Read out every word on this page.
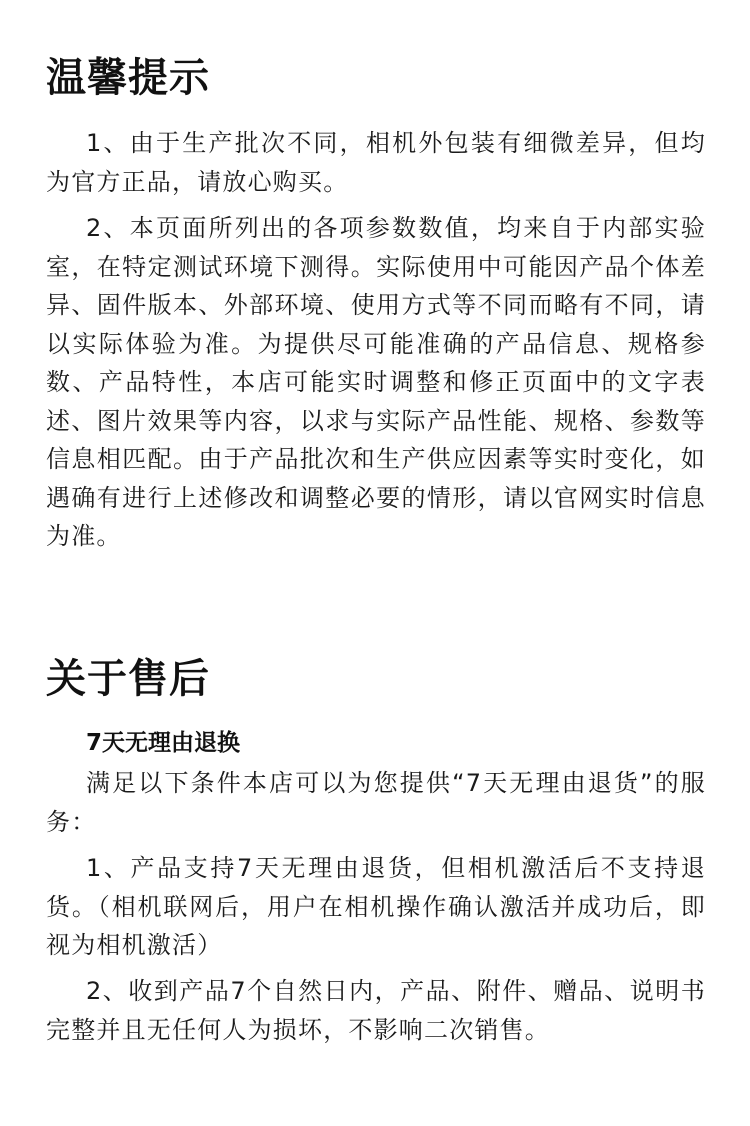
温馨提示

1、由于生产批次不同，相机外包装有细微差异，但均为官方正品，请放心购买。

2、本页面所列出的各项参数数值，均来自于内部实验室，在特定测试环境下测得。实际使用中可能因产品个体差异、固件版本、外部环境、使用方式等不同而略有不同，请以实际体验为准。为提供尽可能准确的产品信息、规格参数、产品特性，本店可能实时调整和修正页面中的文字表述、图片效果等内容，以求与实际产品性能、规格、参数等信息相匹配。由于产品批次和生产供应因素等实时变化，如遇确有进行上述修改和调整必要的情形，请以官网实时信息为准。

关于售后
7天无理由退换

满足以下条件本店可以为您提供“7天无理由退货”的服务：

1、产品支持7天无理由退货，但相机激活后不支持退货。（相机联网后，用户在相机操作确认激活并成功后，即视为相机激活）

2、收到产品7个自然日内，产品、附件、赠品、说明书完整并且无任何人为损坏，不影响二次销售。
